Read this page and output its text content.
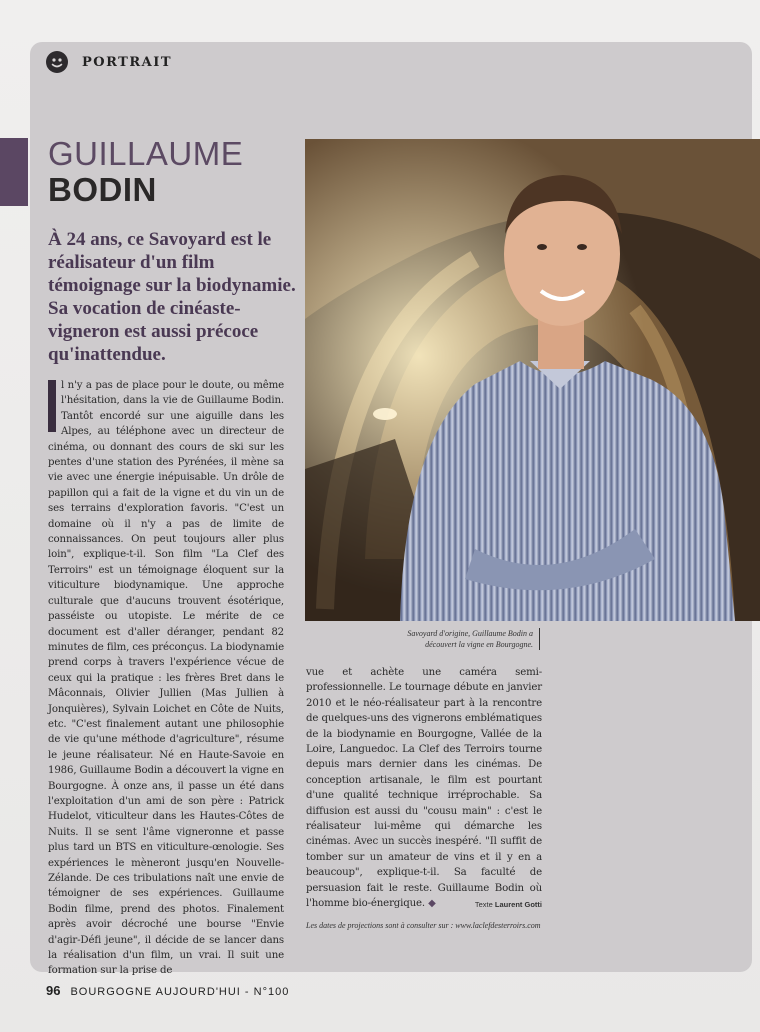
PORTRAIT
GUILLAUME
BODIN

À 24 ans, ce Savoyard est le réalisateur d'un film témoignage sur la biodynamie. Sa vocation de cinéaste-vigneron est aussi précoce qu'inattendue.

Savoyard d'origine, Guillaume Bodin a découvert la vigne en Bourgogne.

l n'y a pas de place pour le doute, ou même l'hésitation, dans la vie de Guillaume Bodin. Tantôt encordé sur une aiguille dans les Alpes, au téléphone avec un directeur de cinéma, ou donnant des cours de ski sur les pentes d'une station des Pyrénées, il mène sa vie avec une énergie inépuisable. Un drôle de papillon qui a fait de la vigne et du vin un de ses terrains d'exploration favoris. "C'est un domaine où il n'y a pas de limite de connaissances. On peut toujours aller plus loin", explique-t-il. Son film "La Clef des Terroirs" est un témoignage éloquent sur la viticulture biodynamique. Une approche culturale que d'aucuns trouvent ésotérique, passéiste ou utopiste. Le mérite de ce document est d'aller déranger, pendant 82 minutes de film, ces préconçus. La biodynamie prend corps à travers l'expérience vécue de ceux qui la pratique : les frères Bret dans le Mâconnais, Olivier Jullien (Mas Jullien à Jonquières), Sylvain Loichet en Côte de Nuits, etc. "C'est finalement autant une philosophie de vie qu'une méthode d'agriculture", résume le jeune réalisateur. Né en Haute-Savoie en 1986, Guillaume Bodin a découvert la vigne en Bourgogne. À onze ans, il passe un été dans l'exploitation d'un ami de son père : Patrick Hudelot, viticulteur dans les Hautes-Côtes de Nuits. Il se sent l'âme vigneronne et passe plus tard un BTS en viticulture-œnologie. Ses expériences le mèneront jusqu'en Nouvelle-Zélande. De ces tribulations naît une envie de témoigner de ses expériences. Guillaume Bodin filme, prend des photos. Finalement après avoir décroché une bourse "Envie d'agir-Défi jeune", il décide de se lancer dans la réalisation d'un film, un vrai. Il suit une formation sur la prise de
vue et achète une caméra semi-professionnelle. Le tournage débute en janvier 2010 et le néo-réalisateur part à la rencontre de quelques-uns des vignerons emblématiques de la biodynamie en Bourgogne, Vallée de la Loire, Languedoc. La Clef des Terroirs tourne depuis mars dernier dans les cinémas. De conception artisanale, le film est pourtant d'une qualité technique irréprochable. Sa diffusion est aussi du "cousu main" : c'est le réalisateur lui-même qui démarche les cinémas. Avec un succès inespéré. "Il suffit de tomber sur un amateur de vins et il y en a beaucoup", explique-t-il. Sa faculté de persuasion fait le reste. Guillaume Bodin où l'homme bio-énergique. ◆	Texte Laurent Gotti

Les dates de projections sont à consulter sur : www.laclefdesterroirs.com

96 BOURGOGNE AUJOURD'HUI - N°100
